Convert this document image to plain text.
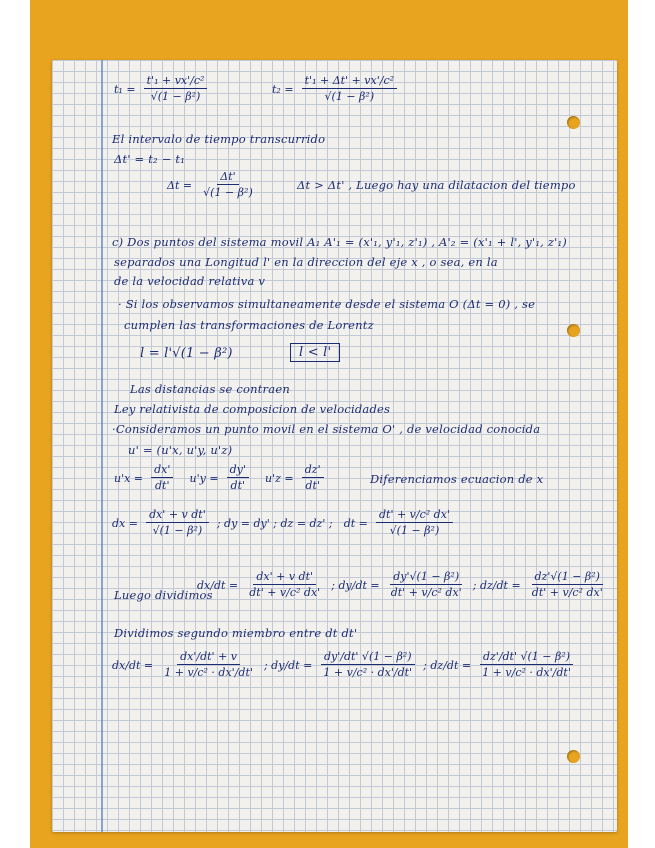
$t_1 = \frac{\text{t'₁ + vx'/c²}}{\text{√(1 − β²)}}$	$t_2 = \frac{\text{t'₁ + Δt' + vx'/c²}}{\text{√(1 − β²)}}$
El intervalo de tiempo transcurrido
Δt' = t₂ − t₁
$\Delta t = \frac{\Delta t'}{\text{√(1 − β²)}}$	Δt > Δt' , Luego hay una dilatacion del tiempo
c) Dos puntos del sistema movil A₁ A'₁ = (x'₁, y'₁, z'₁) , A'₂ = (x'₁ + l', y'₁, z'₁)
separados una Longitud l' en la direccion del eje x , o sea, en la
de la velocidad relativa v
· Si los observamos simultaneamente desde el sistema O (Δt = 0) , se
cumplen las transformaciones de Lorentz
l = l'√(1 − β²)	l < l'
Las distancias se contraen
Ley relativista de composicion de velocidades
·Consideramos un punto movil en el sistema O' , de velocidad conocida
u' = (u'x, u'y, u'z)
$u'x = \frac{dx'}{dt'} u'y = \frac{dy'}{dt'} u'z = \frac{dz'}{dt'}$	Diferenciamos ecuacion de x
dx = $\frac{\text{dx' + v dt'}}{\text{√(1 − β²)}}$ ; dy = dy' ; dz = dz' ; dt = $\frac{\text{dt' + v/c² dx'}}{\text{√(1 − β²)}}$
Luego dividimos
$dx/dt = \frac{\text{dx' + v dt'}}{\text{dt' + v/c² dx'}}$ ; $dy/dt = \frac{\text{dy'√(1 − β²)}}{\text{dt' + v/c² dx'}}$ ; $dz/dt = \frac{\text{dz'√(1 − β²)}}{\text{dt' + v/c² dx'}}$
Dividimos segundo miembro entre dt dt'
$dx/dt = \frac{dx'/dt' + v}{\text{1 + v/c² · dx'/dt'}}$ ; $dy/dt = \frac{\text{dy'/dt' √(1 − β²)}}{\text{1 + v/c² · dx'/dt'}}$ ; $dz/dt = \frac{\text{dz'/dt' √(1 − β²)}}{\text{1 + v/c² · dx'/dt'}}$
